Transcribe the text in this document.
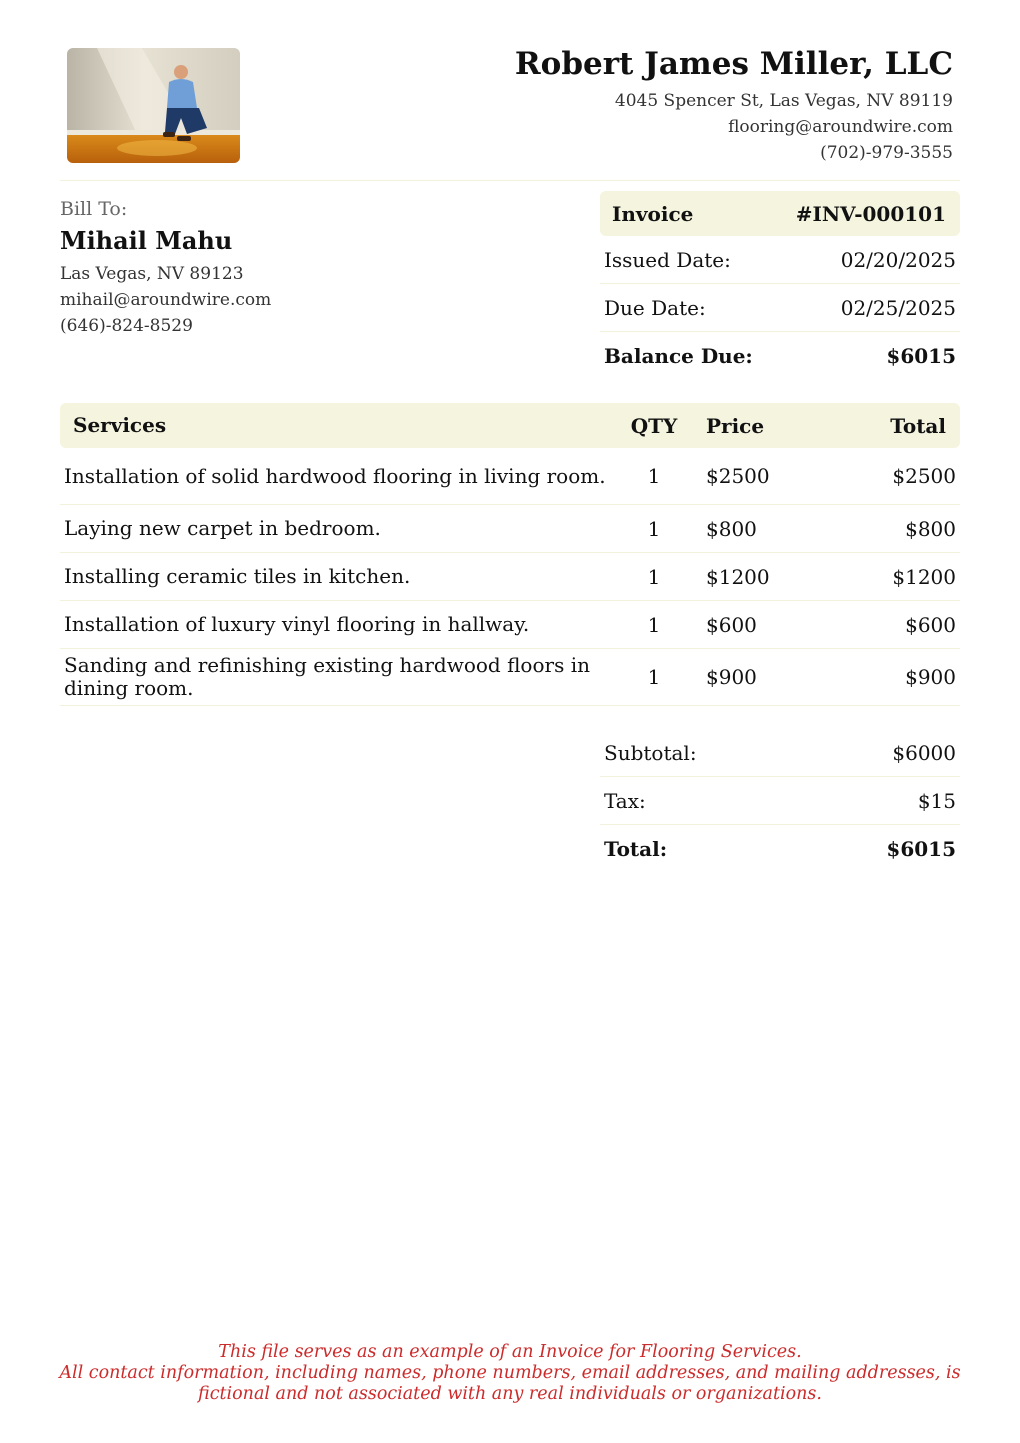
Robert James Miller, LLC
4045 Spencer St, Las Vegas, NV 89119
flooring@aroundwire.com
(702)-979-3555
Bill To:
Mihail Mahu
Las Vegas, NV 89123
mihail@aroundwire.com
(646)-824-8529
Invoice	#INV-000101
Issued Date:	02/20/2025
Due Date:	02/25/2025
Balance Due:	$6015
Services	QTY	Price	Total
Installation of solid hardwood flooring in living room.	1	$2500	$2500
Laying new carpet in bedroom.	1	$800	$800
Installing ceramic tiles in kitchen.	1	$1200	$1200
Installation of luxury vinyl flooring in hallway.	1	$600	$600
Sanding and refinishing existing hardwood floors in dining room.	1	$900	$900
Subtotal:	$6000
Tax:	$15
Total:	$6015
This file serves as an example of an Invoice for Flooring Services.
All contact information, including names, phone numbers, email addresses, and mailing addresses, is
fictional and not associated with any real individuals or organizations.
